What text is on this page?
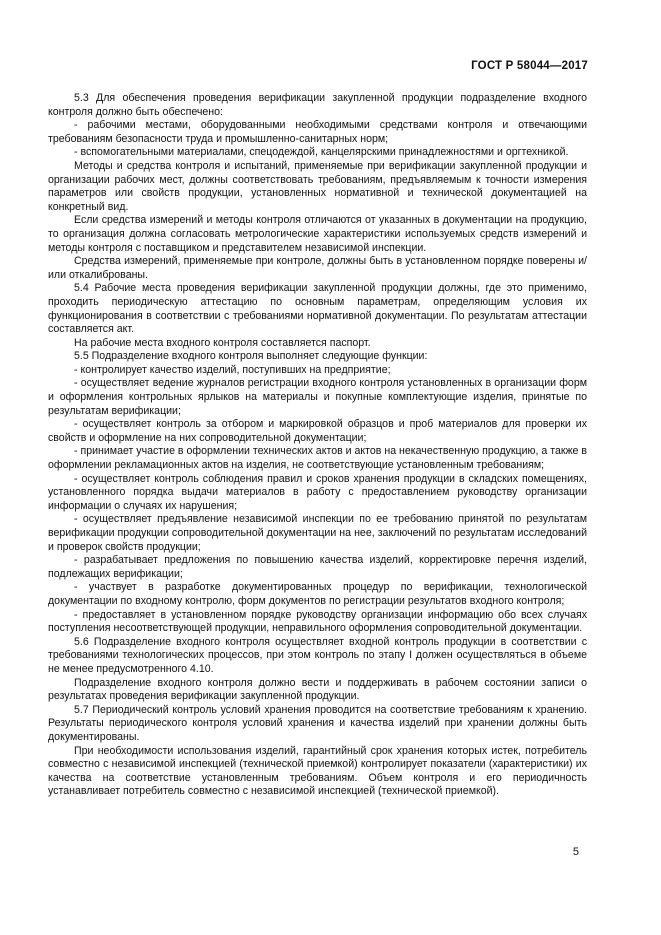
ГОСТ Р 58044—2017

5.3 Для обеспечения проведения верификации закупленной продукции подразделение входного контроля должно быть обеспечено:

- рабочими местами, оборудованными необходимыми средствами контроля и отвечающими требованиям безопасности труда и промышленно-санитарных норм;

- вспомогательными материалами, спецодеждой, канцелярскими принадлежностями и оргтехникой.

Методы и средства контроля и испытаний, применяемые при верификации закупленной продукции и организации рабочих мест, должны соответствовать требованиям, предъявляемым к точности измерения параметров или свойств продукции, установленных нормативной и технической документацией на конкретный вид.

Если средства измерений и методы контроля отличаются от указанных в документации на продукцию, то организация должна согласовать метрологические характеристики используемых средств измерений и методы контроля с поставщиком и представителем независимой инспекции.

Средства измерений, применяемые при контроле, должны быть в установленном порядке поверены и/или откалиброваны.

5.4 Рабочие места проведения верификации закупленной продукции должны, где это применимо, проходить периодическую аттестацию по основным параметрам, определяющим условия их функционирования в соответствии с требованиями нормативной документации. По результатам аттестации составляется акт.

На рабочие места входного контроля составляется паспорт.

5.5 Подразделение входного контроля выполняет следующие функции:

- контролирует качество изделий, поступивших на предприятие;

- осуществляет ведение журналов регистрации входного контроля установленных в организации форм и оформления контрольных ярлыков на материалы и покупные комплектующие изделия, принятые по результатам верификации;

- осуществляет контроль за отбором и маркировкой образцов и проб материалов для проверки их свойств и оформление на них сопроводительной документации;

- принимает участие в оформлении технических актов и актов на некачественную продукцию, а также в оформлении рекламационных актов на изделия, не соответствующие установленным требованиям;

- осуществляет контроль соблюдения правил и сроков хранения продукции в складских помещениях, установленного порядка выдачи материалов в работу с предоставлением руководству организации информации о случаях их нарушения;

- осуществляет предъявление независимой инспекции по ее требованию принятой по результатам верификации продукции сопроводительной документации на нее, заключений по результатам исследований и проверок свойств продукции;

- разрабатывает предложения по повышению качества изделий, корректировке перечня изделий, подлежащих верификации;

- участвует в разработке документированных процедур по верификации, технологической документации по входному контролю, форм документов по регистрации результатов входного контроля;

- предоставляет в установленном порядке руководству организации информацию обо всех случаях поступления несоответствующей продукции, неправильного оформления сопроводительной документации.

5.6 Подразделение входного контроля осуществляет входной контроль продукции в соответствии с требованиями технологических процессов, при этом контроль по этапу I должен осуществляться в объеме не менее предусмотренного 4.10.

Подразделение входного контроля должно вести и поддерживать в рабочем состоянии записи о результатах проведения верификации закупленной продукции.

5.7 Периодический контроль условий хранения проводится на соответствие требованиям к хранению. Результаты периодического контроля условий хранения и качества изделий при хранении должны быть документированы.

При необходимости использования изделий, гарантийный срок хранения которых истек, потребитель совместно с независимой инспекцией (технической приемкой) контролирует показатели (характеристики) их качества на соответствие установленным требованиям. Объем контроля и его периодичность устанавливает потребитель совместно с независимой инспекцией (технической приемкой).

5
